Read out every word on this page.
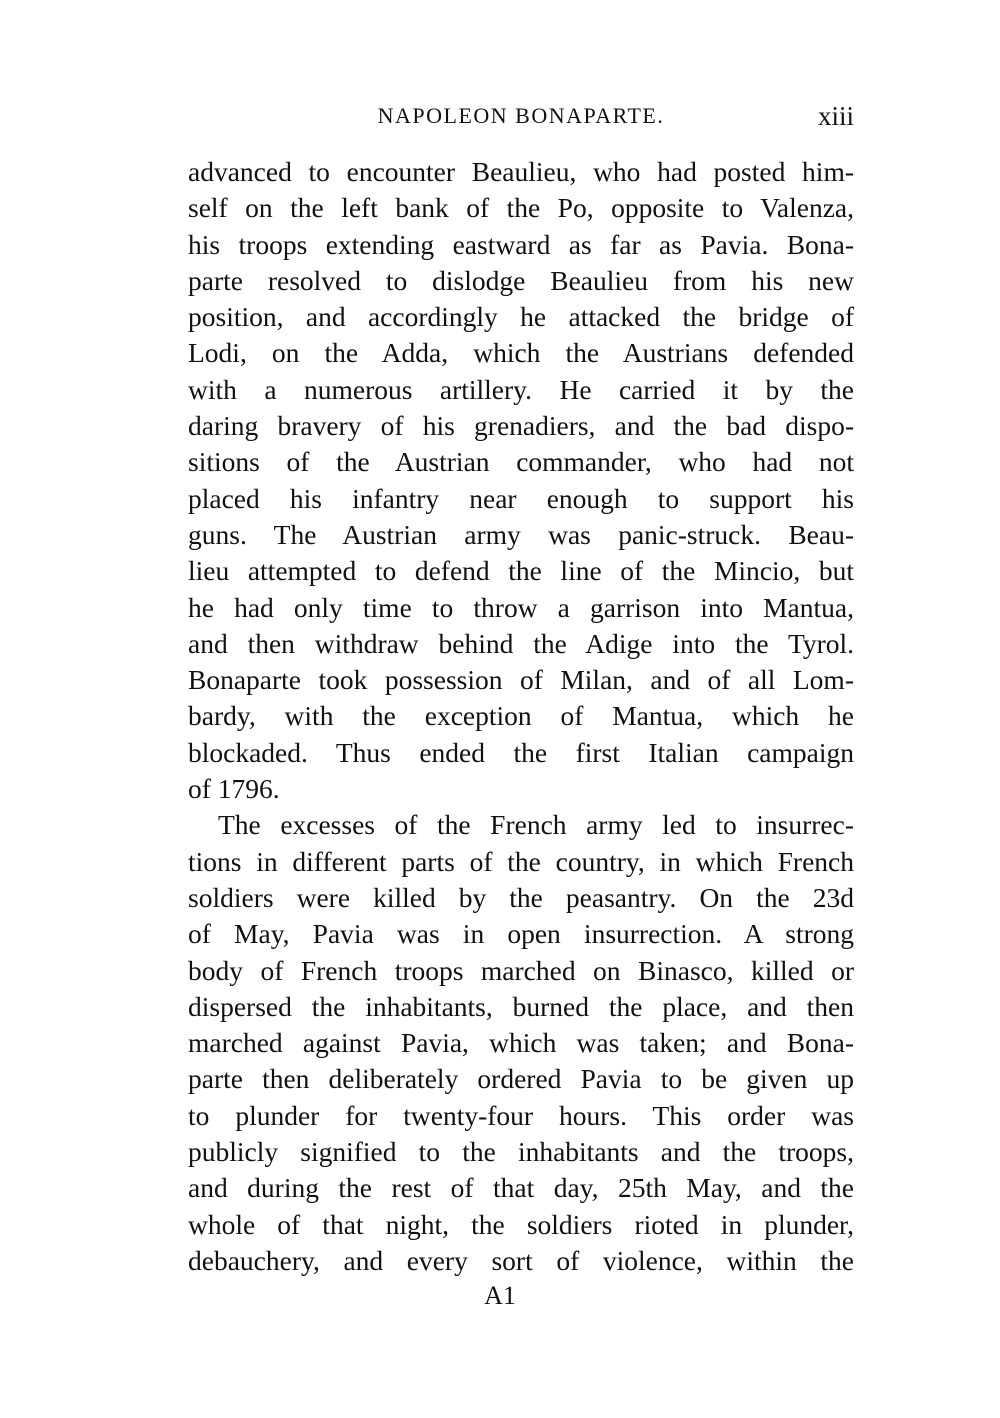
NAPOLEON BONAPARTE.	xiii
advanced to encounter Beaulieu, who had posted him-
self on the left bank of the Po, opposite to Valenza,
his troops extending eastward as far as Pavia. Bona-
parte resolved to dislodge Beaulieu from his new
position, and accordingly he attacked the bridge of
Lodi, on the Adda, which the Austrians defended
with a numerous artillery. He carried it by the
daring bravery of his grenadiers, and the bad dispo-
sitions of the Austrian commander, who had not
placed his infantry near enough to support his
guns. The Austrian army was panic-struck. Beau-
lieu attempted to defend the line of the Mincio, but
he had only time to throw a garrison into Mantua,
and then withdraw behind the Adige into the Tyrol.
Bonaparte took possession of Milan, and of all Lom-
bardy, with the exception of Mantua, which he
blockaded. Thus ended the first Italian campaign
of 1796.
The excesses of the French army led to insurrec-
tions in different parts of the country, in which French
soldiers were killed by the peasantry. On the 23d
of May, Pavia was in open insurrection. A strong
body of French troops marched on Binasco, killed or
dispersed the inhabitants, burned the place, and then
marched against Pavia, which was taken; and Bona-
parte then deliberately ordered Pavia to be given up
to plunder for twenty-four hours. This order was
publicly signified to the inhabitants and the troops,
and during the rest of that day, 25th May, and the
whole of that night, the soldiers rioted in plunder,
debauchery, and every sort of violence, within the
A1
